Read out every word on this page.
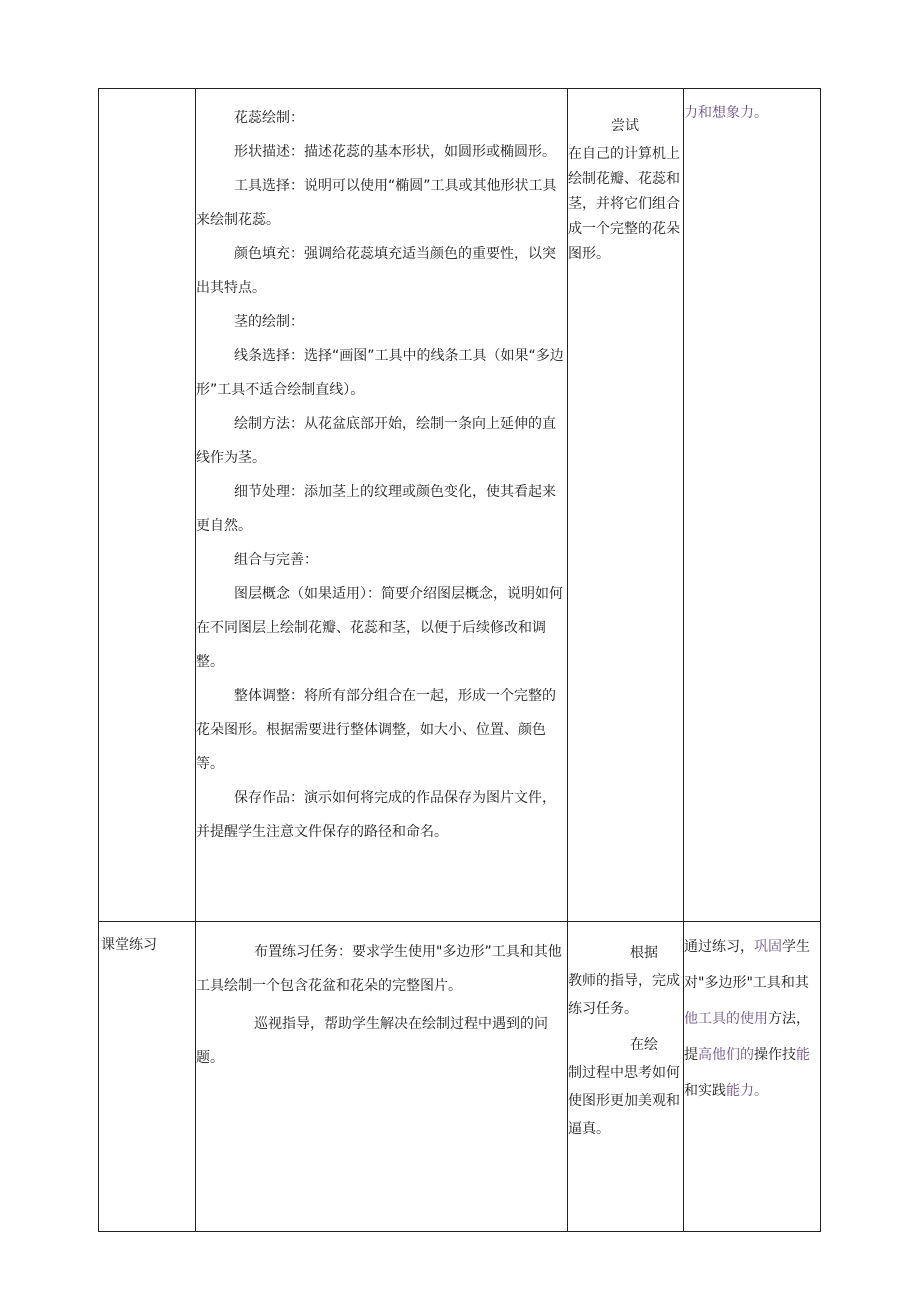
花蕊绘制：

形状描述：描述花蕊的基本形状，如圆形或椭圆形。

工具选择：说明可以使用“椭圆”工具或其他形状工具来绘制花蕊。

颜色填充：强调给花蕊填充适当颜色的重要性，以突出其特点。

茎的绘制：

线条选择：选择“画图”工具中的线条工具（如果“多边形”工具不适合绘制直线）。

绘制方法：从花盆底部开始，绘制一条向上延伸的直线作为茎。

细节处理：添加茎上的纹理或颜色变化，使其看起来更自然。

组合与完善：

图层概念（如果适用）：简要介绍图层概念，说明如何在不同图层上绘制花瓣、花蕊和茎，以便于后续修改和调整。

整体调整：将所有部分组合在一起，形成一个完整的花朵图形。根据需要进行整体调整，如大小、位置、颜色等。

保存作品：演示如何将完成的作品保存为图片文件，并提醒学生注意文件保存的路径和命名。

尝试
在自己的计算机上绘制花瓣、花蕊和茎，并将它们组合成一个完整的花朵图形。
力和想象力。
课堂练习	布置练习任务：要求学生使用"多边形”工具和其他工具绘制一个包含花盆和花朵的完整图片。

巡视指导，帮助学生解决在绘制过程中遇到的问题。

根据
教师的指导，完成练习任务。
在绘
制过程中思考如何使图形更加美观和逼真。
通过练习，巩固学生对"多边形"工具和其他工具的使用方法，提高他们的操作技能和实践能力。
